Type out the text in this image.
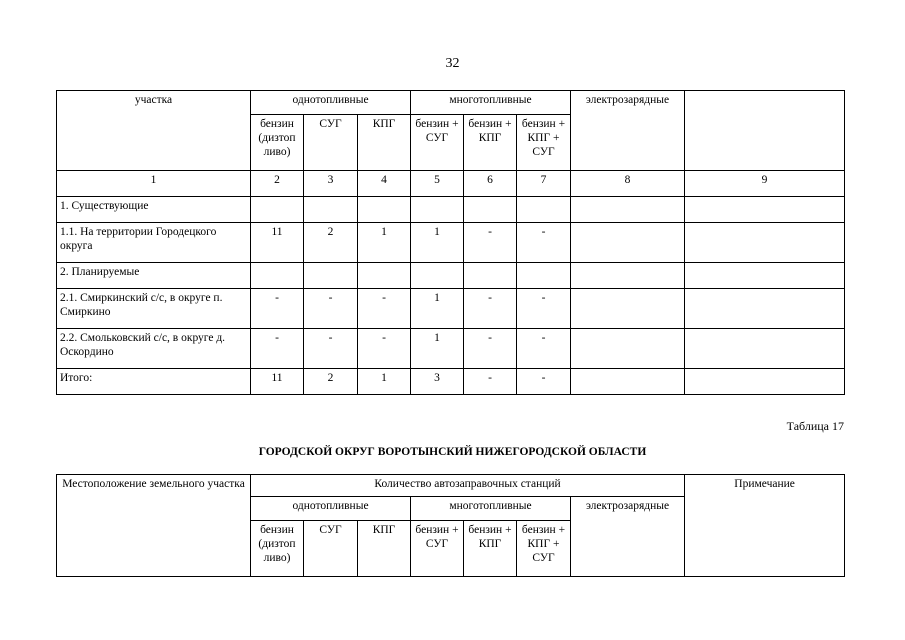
32
участка	однотопливные			многотопливные			электрозарядные	
	бензин (дизтоп ливо)	СУГ	КПГ	бензин + СУГ	бензин + КПГ	бензин + КПГ + СУГ		
1	2	3	4	5	6	7	8	9
1. Существующие								
1.1. На территории Городецкого округа	11	2	1	1	-	-		
2. Планируемые								
2.1. Смиркинский с/с, в округе п. Смиркино	-	-	-	1	-	-		
2.2. Смольковский с/с, в округе д. Оскордино	-	-	-	1	-	-		
Итого:	11	2	1	3	-	-		
Таблица 17
ГОРОДСКОЙ ОКРУГ ВОРОТЫНСКИЙ НИЖЕГОРОДСКОЙ ОБЛАСТИ
Местоположение земельного участка	Количество автозаправочных станций							Примечание
	однотопливные			многотопливные			электрозарядные	
	бензин (дизтоп ливо)	СУГ	КПГ	бензин + СУГ	бензин + КПГ	бензин + КПГ + СУГ		
